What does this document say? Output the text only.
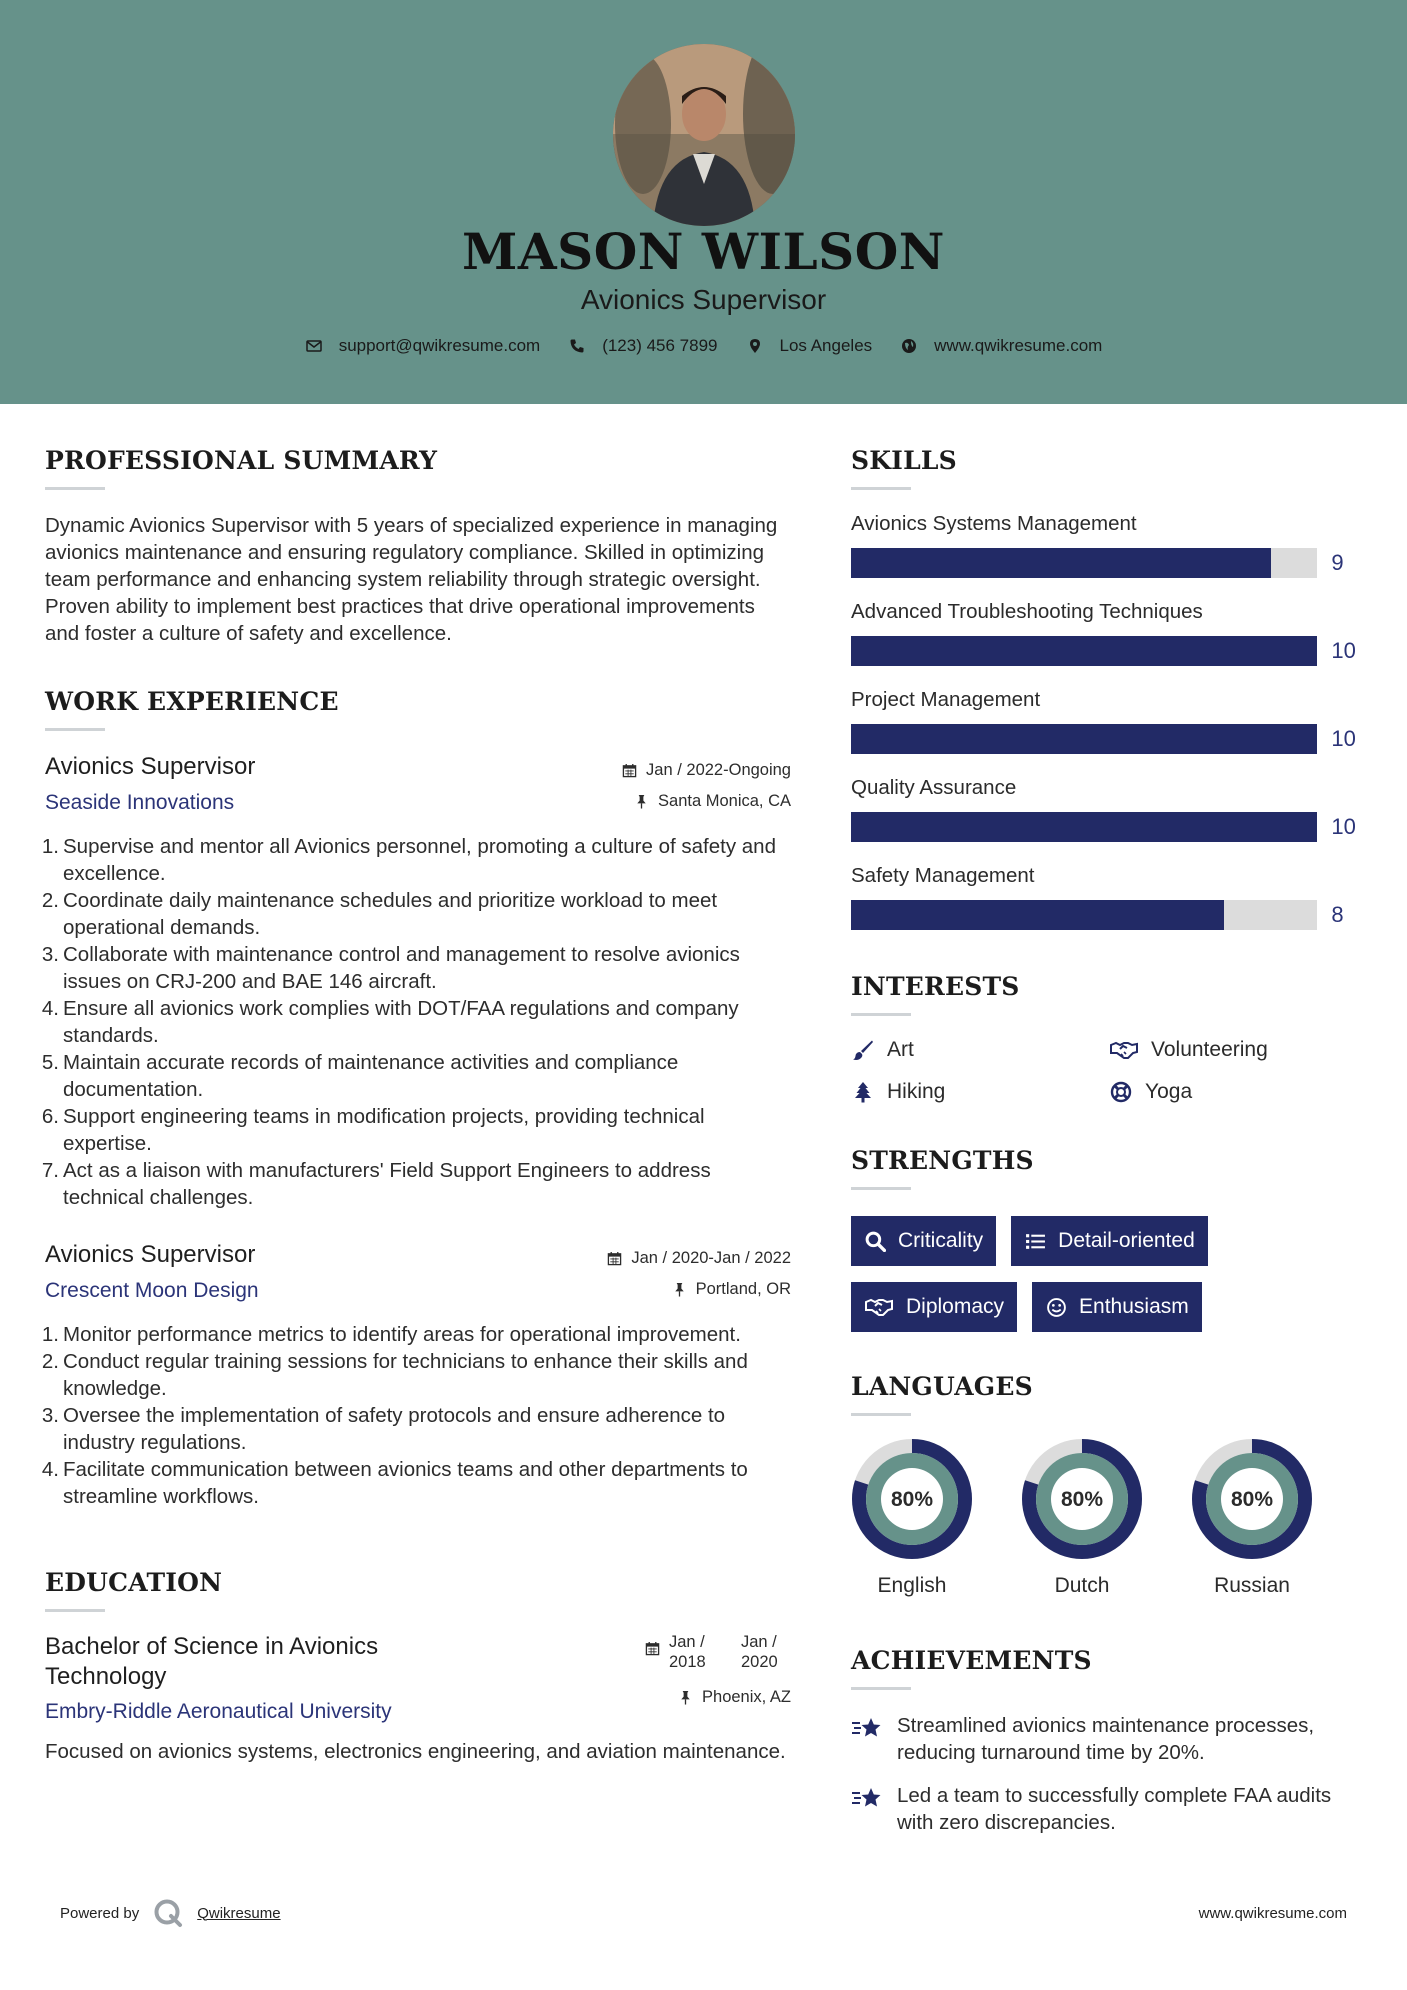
MASON WILSON
Avionics Supervisor
support@qwikresume.com	(123) 456 7899	Los Angeles	www.qwikresume.com
PROFESSIONAL SUMMARY

Dynamic Avionics Supervisor with 5 years of specialized experience in managing avionics maintenance and ensuring regulatory compliance. Skilled in optimizing team performance and enhancing system reliability through strategic oversight. Proven ability to implement best practices that drive operational improvements and foster a culture of safety and excellence.

WORK EXPERIENCE
Avionics Supervisor
Seaside Innovations
Jan / 2022-Ongoing
Santa Monica, CA
1. Supervise and mentor all Avionics personnel, promoting a culture of safety and excellence.
2. Coordinate daily maintenance schedules and prioritize workload to meet operational demands.
3. Collaborate with maintenance control and management to resolve avionics issues on CRJ-200 and BAE 146 aircraft.
4. Ensure all avionics work complies with DOT/FAA regulations and company standards.
5. Maintain accurate records of maintenance activities and compliance documentation.
6. Support engineering teams in modification projects, providing technical expertise.
7. Act as a liaison with manufacturers' Field Support Engineers to address technical challenges.
Avionics Supervisor
Crescent Moon Design
Jan / 2020-Jan / 2022
Portland, OR
1. Monitor performance metrics to identify areas for operational improvement.
2. Conduct regular training sessions for technicians to enhance their skills and knowledge.
3. Oversee the implementation of safety protocols and ensure adherence to industry regulations.
4. Facilitate communication between avionics teams and other departments to streamline workflows.
EDUCATION
Bachelor of Science in Avionics Technology
Embry-Riddle Aeronautical University
Jan / 2018
Jan / 2020
Phoenix, AZ

Focused on avionics systems, electronics engineering, and aviation maintenance.

SKILLS
Avionics Systems Management
9
Advanced Troubleshooting Techniques
10
Project Management
10
Quality Assurance
10
Safety Management
8
INTERESTS
Art	Volunteering
Hiking	Yoga
STRENGTHS
Criticality	Detail-oriented
Diplomacy	Enthusiasm
LANGUAGES
80%
English
80%
Dutch
80%
Russian
ACHIEVEMENTS
Streamlined avionics maintenance processes, reducing turnaround time by 20%.
Led a team to successfully complete FAA audits with zero discrepancies.
Powered by	Qwikresume	www.qwikresume.com
